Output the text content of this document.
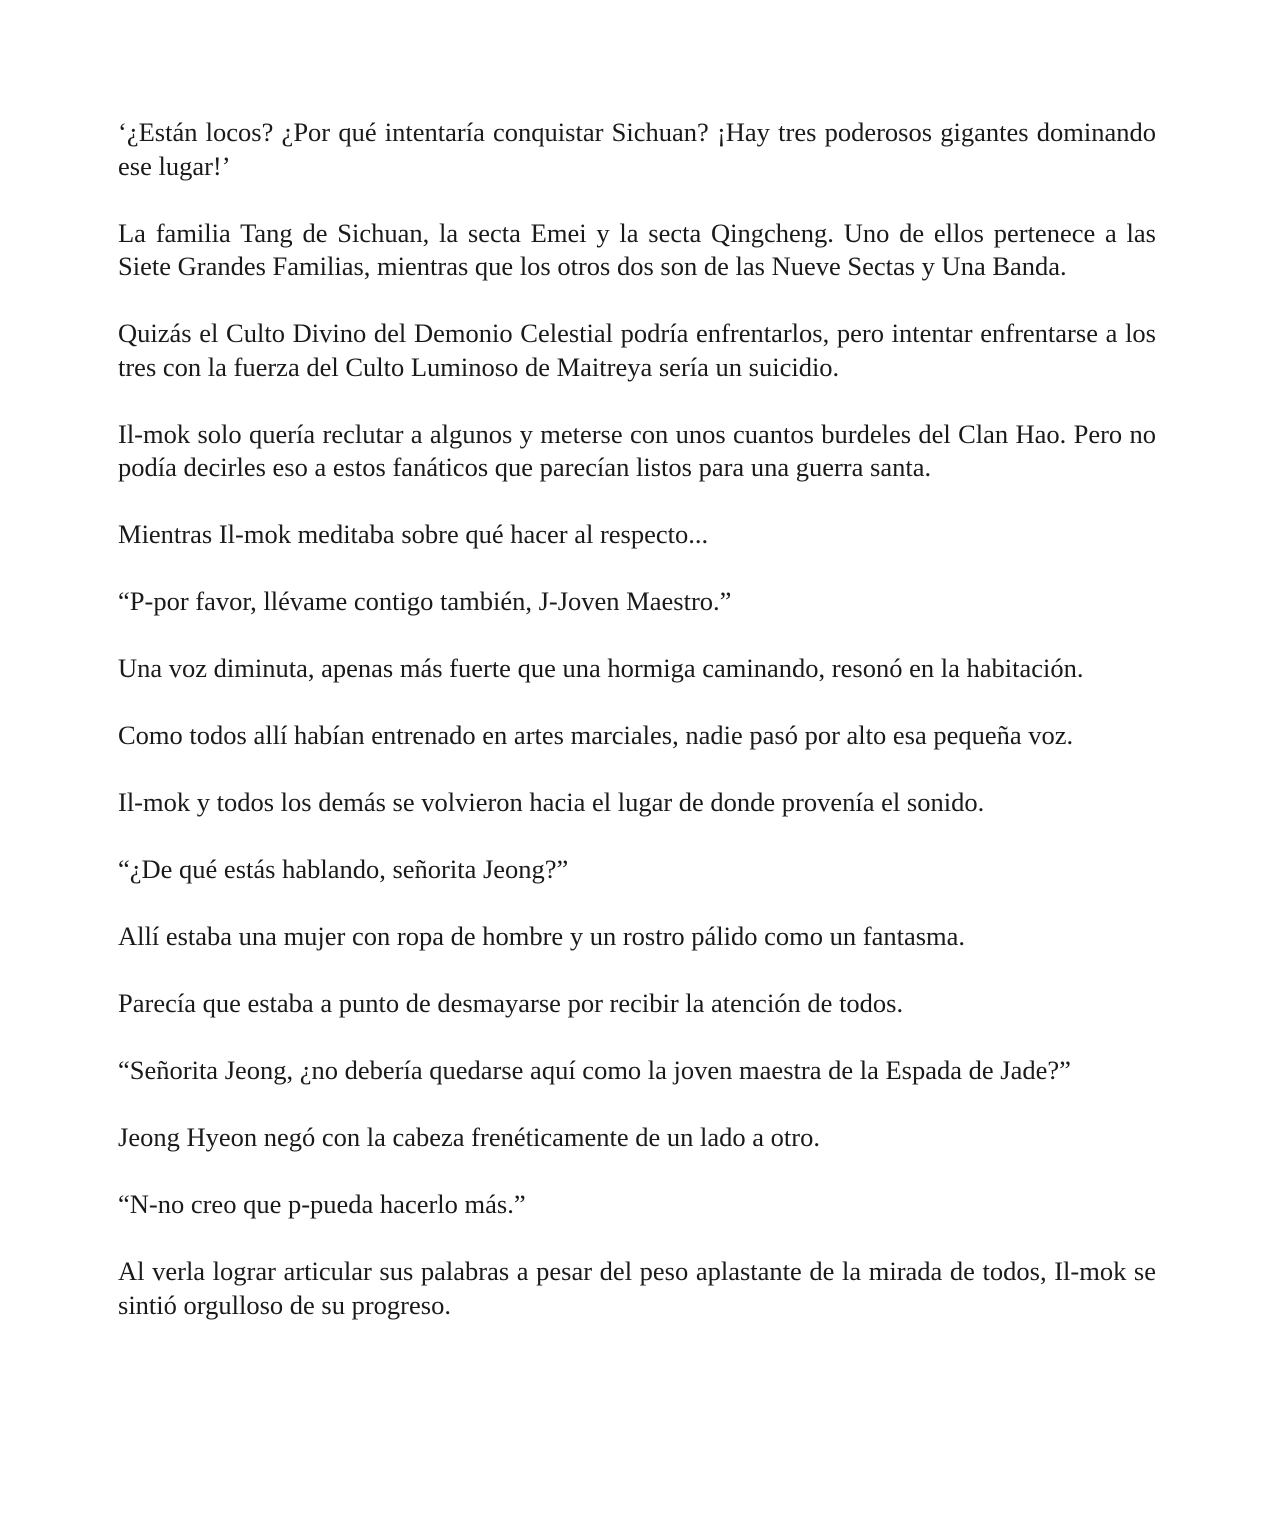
‘¿Están locos? ¿Por qué intentaría conquistar Sichuan? ¡Hay tres poderosos gigantes dominando ese lugar!’

La familia Tang de Sichuan, la secta Emei y la secta Qingcheng. Uno de ellos pertenece a las Siete Grandes Familias, mientras que los otros dos son de las Nueve Sectas y Una Banda.

Quizás el Culto Divino del Demonio Celestial podría enfrentarlos, pero intentar enfrentarse a los tres con la fuerza del Culto Luminoso de Maitreya sería un suicidio.

Il-mok solo quería reclutar a algunos y meterse con unos cuantos burdeles del Clan Hao. Pero no podía decirles eso a estos fanáticos que parecían listos para una guerra santa.

Mientras Il-mok meditaba sobre qué hacer al respecto...

“P-por favor, llévame contigo también, J-Joven Maestro.”

Una voz diminuta, apenas más fuerte que una hormiga caminando, resonó en la habitación.

Como todos allí habían entrenado en artes marciales, nadie pasó por alto esa pequeña voz.

Il-mok y todos los demás se volvieron hacia el lugar de donde provenía el sonido.

“¿De qué estás hablando, señorita Jeong?”

Allí estaba una mujer con ropa de hombre y un rostro pálido como un fantasma.

Parecía que estaba a punto de desmayarse por recibir la atención de todos.

“Señorita Jeong, ¿no debería quedarse aquí como la joven maestra de la Espada de Jade?”

Jeong Hyeon negó con la cabeza frenéticamente de un lado a otro.

“N-no creo que p-pueda hacerlo más.”

Al verla lograr articular sus palabras a pesar del peso aplastante de la mirada de todos, Il-mok se sintió orgulloso de su progreso.
